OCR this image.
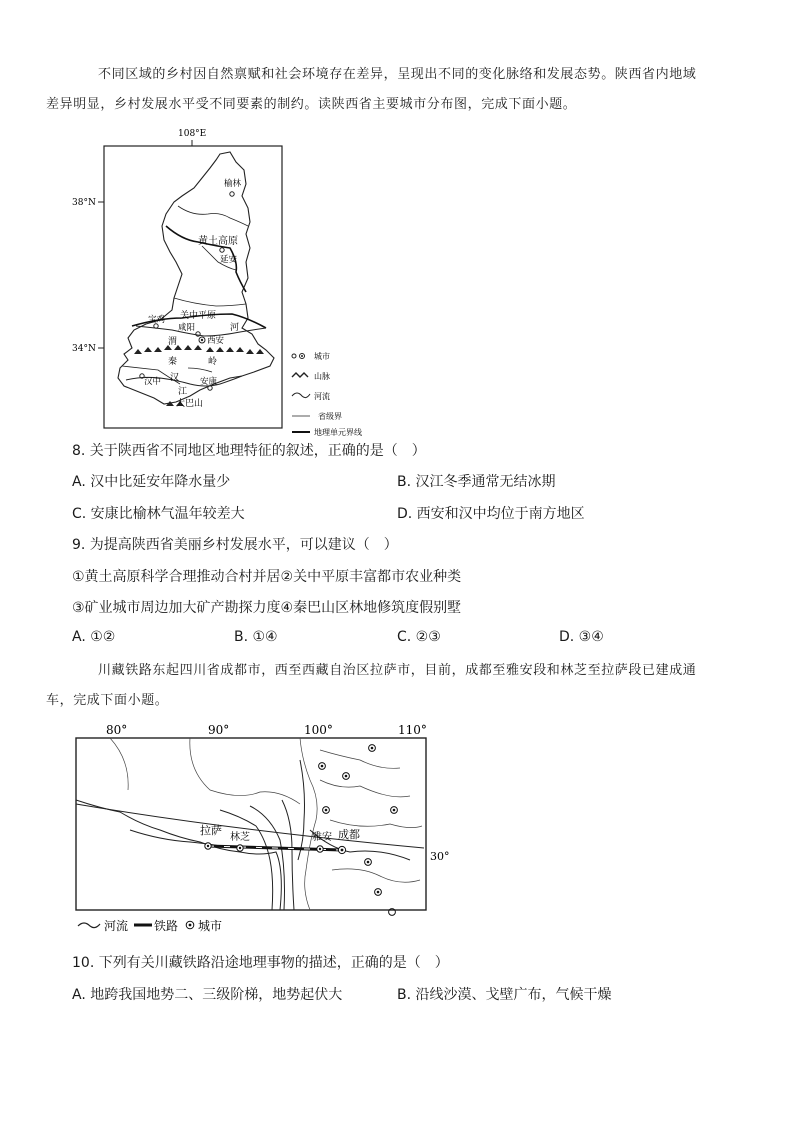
不同区域的乡村因自然禀赋和社会环境存在差异，呈现出不同的变化脉络和发展态势。陕西省内地域
差异明显，乡村发展水平受不同要素的制约。读陕西省主要城市分布图，完成下面小题。

108°E
38°N
34°N
榆林
黄土 高原
延安
关中平原
宝鸡
咸阳	河
西安
渭
秦	岭
汉中 汉 安康
江
大巴山
城市
山脉
河流
省级界
地理单元界线
8. 关于陕西省不同地区地理特征的叙述，正确的是（　）
A. 汉中比延安年降水量少	B. 汉江冬季通常无结冰期
C. 安康比榆林气温年较差大	D. 西安和汉中均位于南方地区
9. 为提高陕西省美丽乡村发展水平，可以建议（　）
①黄土高原科学合理推动合村并居②关中平原丰富都市农业种类
③矿业城市周边加大矿产勘探力度④秦巴山区林地修筑度假别墅
A. ①②	B. ①④	C. ②③	D. ③④

川藏铁路东起四川省成都市，西至西藏自治区拉萨市，目前，成都至雅安段和林芝至拉萨段已建成通
车，完成下面小题。

80°	90°	100°	110°
30°
拉萨
林芝	雅安 成都
河流 铁路 城市
10. 下列有关川藏铁路沿途地理事物的描述，正确的是（　）
A. 地跨我国地势二、三级阶梯，地势起伏大	B. 沿线沙漠、戈壁广布，气候干燥
